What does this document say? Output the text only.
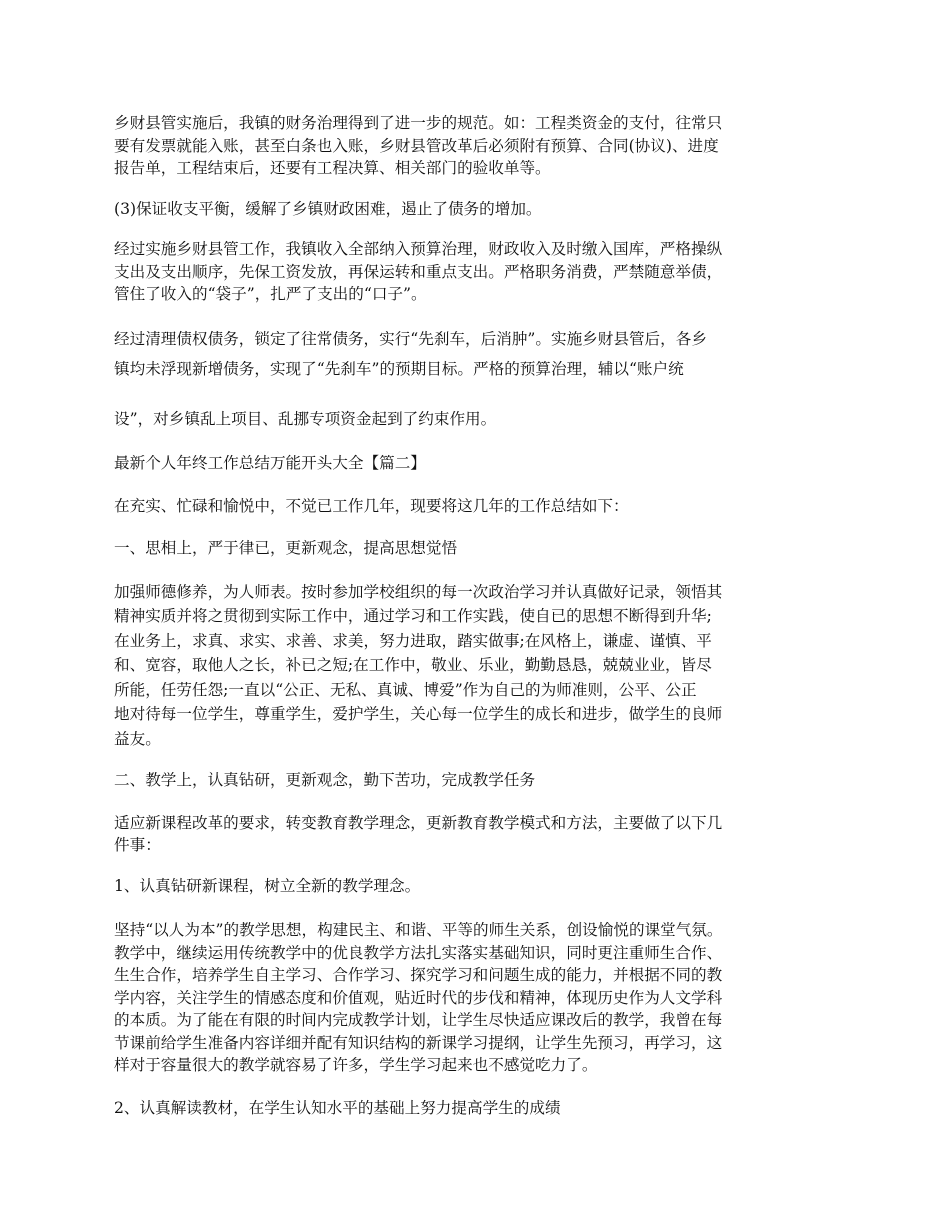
乡财县管实施后，我镇的财务治理得到了进一步的规范。如：工程类资金的支付，往常只
要有发票就能入账，甚至白条也入账，乡财县管改革后必须附有预算、合同(协议)、进度
报告单，工程结束后，还要有工程决算、相关部门的验收单等。

(3)保证收支平衡，缓解了乡镇财政困难，遏止了债务的增加。

经过实施乡财县管工作，我镇收入全部纳入预算治理，财政收入及时缴入国库，严格操纵
支出及支出顺序，先保工资发放，再保运转和重点支出。严格职务消费，严禁随意举债，
管住了收入的“袋子”，扎严了支出的“口子”。

经过清理债权债务，锁定了往常债务，实行“先刹车，后消肿”。实施乡财县管后，各乡
镇均未浮现新增债务，实现了“先刹车”的预期目标。严格的预算治理，辅以“账户统

设”，对乡镇乱上项目、乱挪专项资金起到了约束作用。

最新个人年终工作总结万能开头大全【篇二】

在充实、忙碌和愉悦中，不觉已工作几年，现要将这几年的工作总结如下：

一、思相上，严于律已，更新观念，提高思想觉悟

加强师德修养，为人师表。按时参加学校组织的每一次政治学习并认真做好记录，领悟其
精神实质并将之贯彻到实际工作中，通过学习和工作实践，使自已的思想不断得到升华;
在业务上，求真、求实、求善、求美，努力进取，踏实做事;在风格上，谦虚、谨慎、平
和、宽容，取他人之长，补已之短;在工作中，敬业、乐业，勤勤恳恳，兢兢业业，皆尽
所能，任劳任怨;一直以“公正、无私、真诚、博爱”作为自己的为师准则，公平、公正
地对待每一位学生，尊重学生，爱护学生，关心每一位学生的成长和进步，做学生的良师
益友。

二、教学上，认真钻研，更新观念，勤下苦功，完成教学任务

适应新课程改革的要求，转变教育教学理念，更新教育教学模式和方法，主要做了以下几
件事：

1、认真钻研新课程，树立全新的教学理念。

坚持“以人为本”的教学思想，构建民主、和谐、平等的师生关系，创设愉悦的课堂气氛。
教学中，继续运用传统教学中的优良教学方法扎实落实基础知识，同时更注重师生合作、
生生合作，培养学生自主学习、合作学习、探究学习和问题生成的能力，并根据不同的教
学内容，关注学生的情感态度和价值观，贴近时代的步伐和精神，体现历史作为人文学科
的本质。为了能在有限的时间内完成教学计划，让学生尽快适应课改后的教学，我曾在每
节课前给学生准备内容详细并配有知识结构的新课学习提纲，让学生先预习，再学习，这
样对于容量很大的教学就容易了许多，学生学习起来也不感觉吃力了。

2、认真解读教材，在学生认知水平的基础上努力提高学生的成绩
